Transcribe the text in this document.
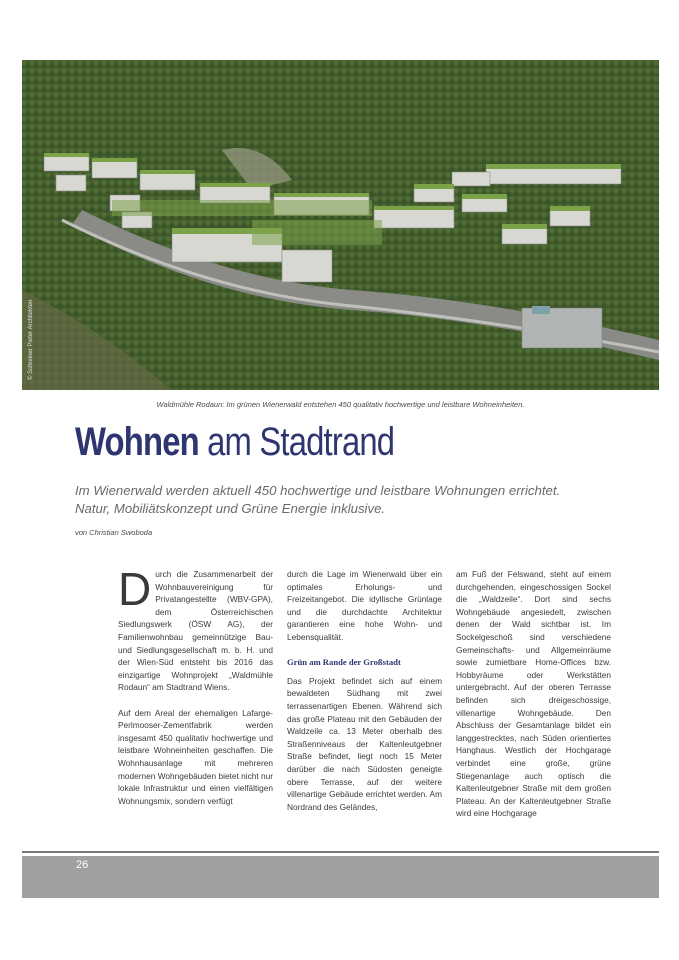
© Schreiner Pieter Architekten
Waldmühle Rodaun: Im grünen Wienerwald entstehen 450 qualitativ hochwertige und leistbare Wohneinheiten.
Wohnen am Stadtrand
Im Wienerwald werden aktuell 450 hochwertige und leistbare Wohnungen errichtet. Natur, Mobiliätskonzept und Grüne Energie inklusive.
von Christian Swoboda

D urch die Zusammenarbeit der Wohnbauvereinigung für Privatangestellte (WBV-GPA), dem Österreichischen Siedlungswerk (ÖSW AG), der Familienwohnbau gemeinnützige Bau- und Siedlungsgesellschaft m. b. H. und der Wien-Süd entsteht bis 2016 das einzigartige Wohnprojekt „Waldmühle Rodaun“ am Stadtrand Wiens.

Auf dem Areal der ehemaligen Lafarge-Perlmooser-Zementfabrik werden insgesamt 450 qualitativ hochwertige und leistbare Wohneinheiten geschaffen. Die Wohnhausanlage mit mehreren modernen Wohngebäuden bietet nicht nur lokale Infrastruktur und einen vielfältigen Wohnungsmix, sondern verfügt

durch die Lage im Wienerwald über ein optimales Erholungs- und Freizeitangebot. Die idyllische Grünlage und die durchdachte Architektur garantieren eine hohe Wohn- und Lebensqualität.

Grün am Rande der Großstadt

Das Projekt befindet sich auf einem bewaldeten Südhang mit zwei terrassenartigen Ebenen. Während sich das große Plateau mit den Gebäuden der Waldzeile ca. 13 Meter oberhalb des Straßenniveaus der Kaltenleutgebner Straße befindet, liegt noch 15 Meter darüber die nach Südosten geneigte obere Terrasse, auf der weitere villenartige Gebäude errichtet werden. Am Nordrand des Geländes,

am Fuß der Felswand, steht auf einem durchgehenden, eingeschossigen Sockel die „Waldzeile“. Dort sind sechs Wohngebäude angesiedelt, zwischen denen der Wald sichtbar ist. Im Sockelgeschoß sind verschiedene Gemeinschafts- und Allgemeinräume sowie zumietbare Home-Offices bzw. Hobbyräume oder Werkstätten untergebracht. Auf der oberen Terrasse befinden sich dreigeschossige, villenartige Wohngebäude. Den Abschluss der Gesamtanlage bildet ein langgestrecktes, nach Süden orientiertes Hanghaus. Westlich der Hochgarage verbindet eine große, grüne Stiegenanlage auch optisch die Kaltenleutgebner Straße mit dem großen Plateau. An der Kaltenleutgebner Straße wird eine Hochgarage

26
